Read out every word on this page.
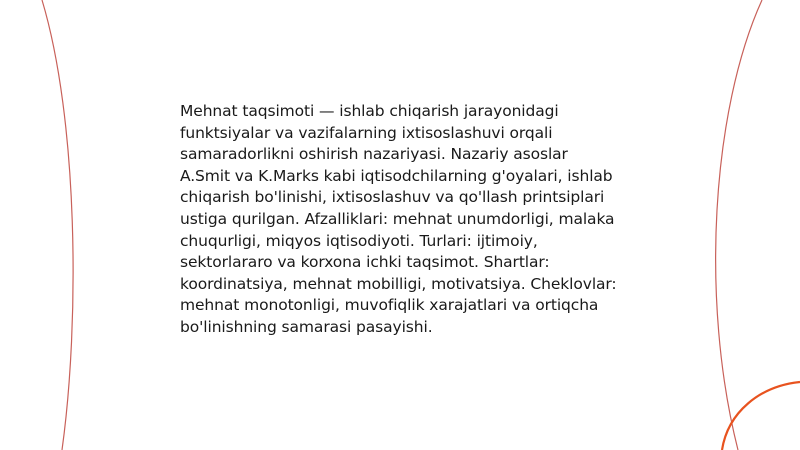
Mehnat taqsimoti — ishlab chiqarish jarayonidagi funktsiyalar va vazifalarning ixtisoslashuvi orqali samaradorlikni oshirish nazariyasi. Nazariy asoslar A.Smit va K.Marks kabi iqtisodchilarning g'oyalari, ishlab chiqarish bo'linishi, ixtisoslashuv va qo'llash printsiplari ustiga qurilgan. Afzalliklari: mehnat unumdorligi, malaka chuqurligi, miqyos iqtisodiyoti. Turlari: ijtimoiy, sektorlararo va korxona ichki taqsimot. Shartlar: koordinatsiya, mehnat mobilligi, motivatsiya. Cheklovlar: mehnat monotonligi, muvofiqlik xarajatlari va ortiqcha bo'linishning samarasi pasayishi.
